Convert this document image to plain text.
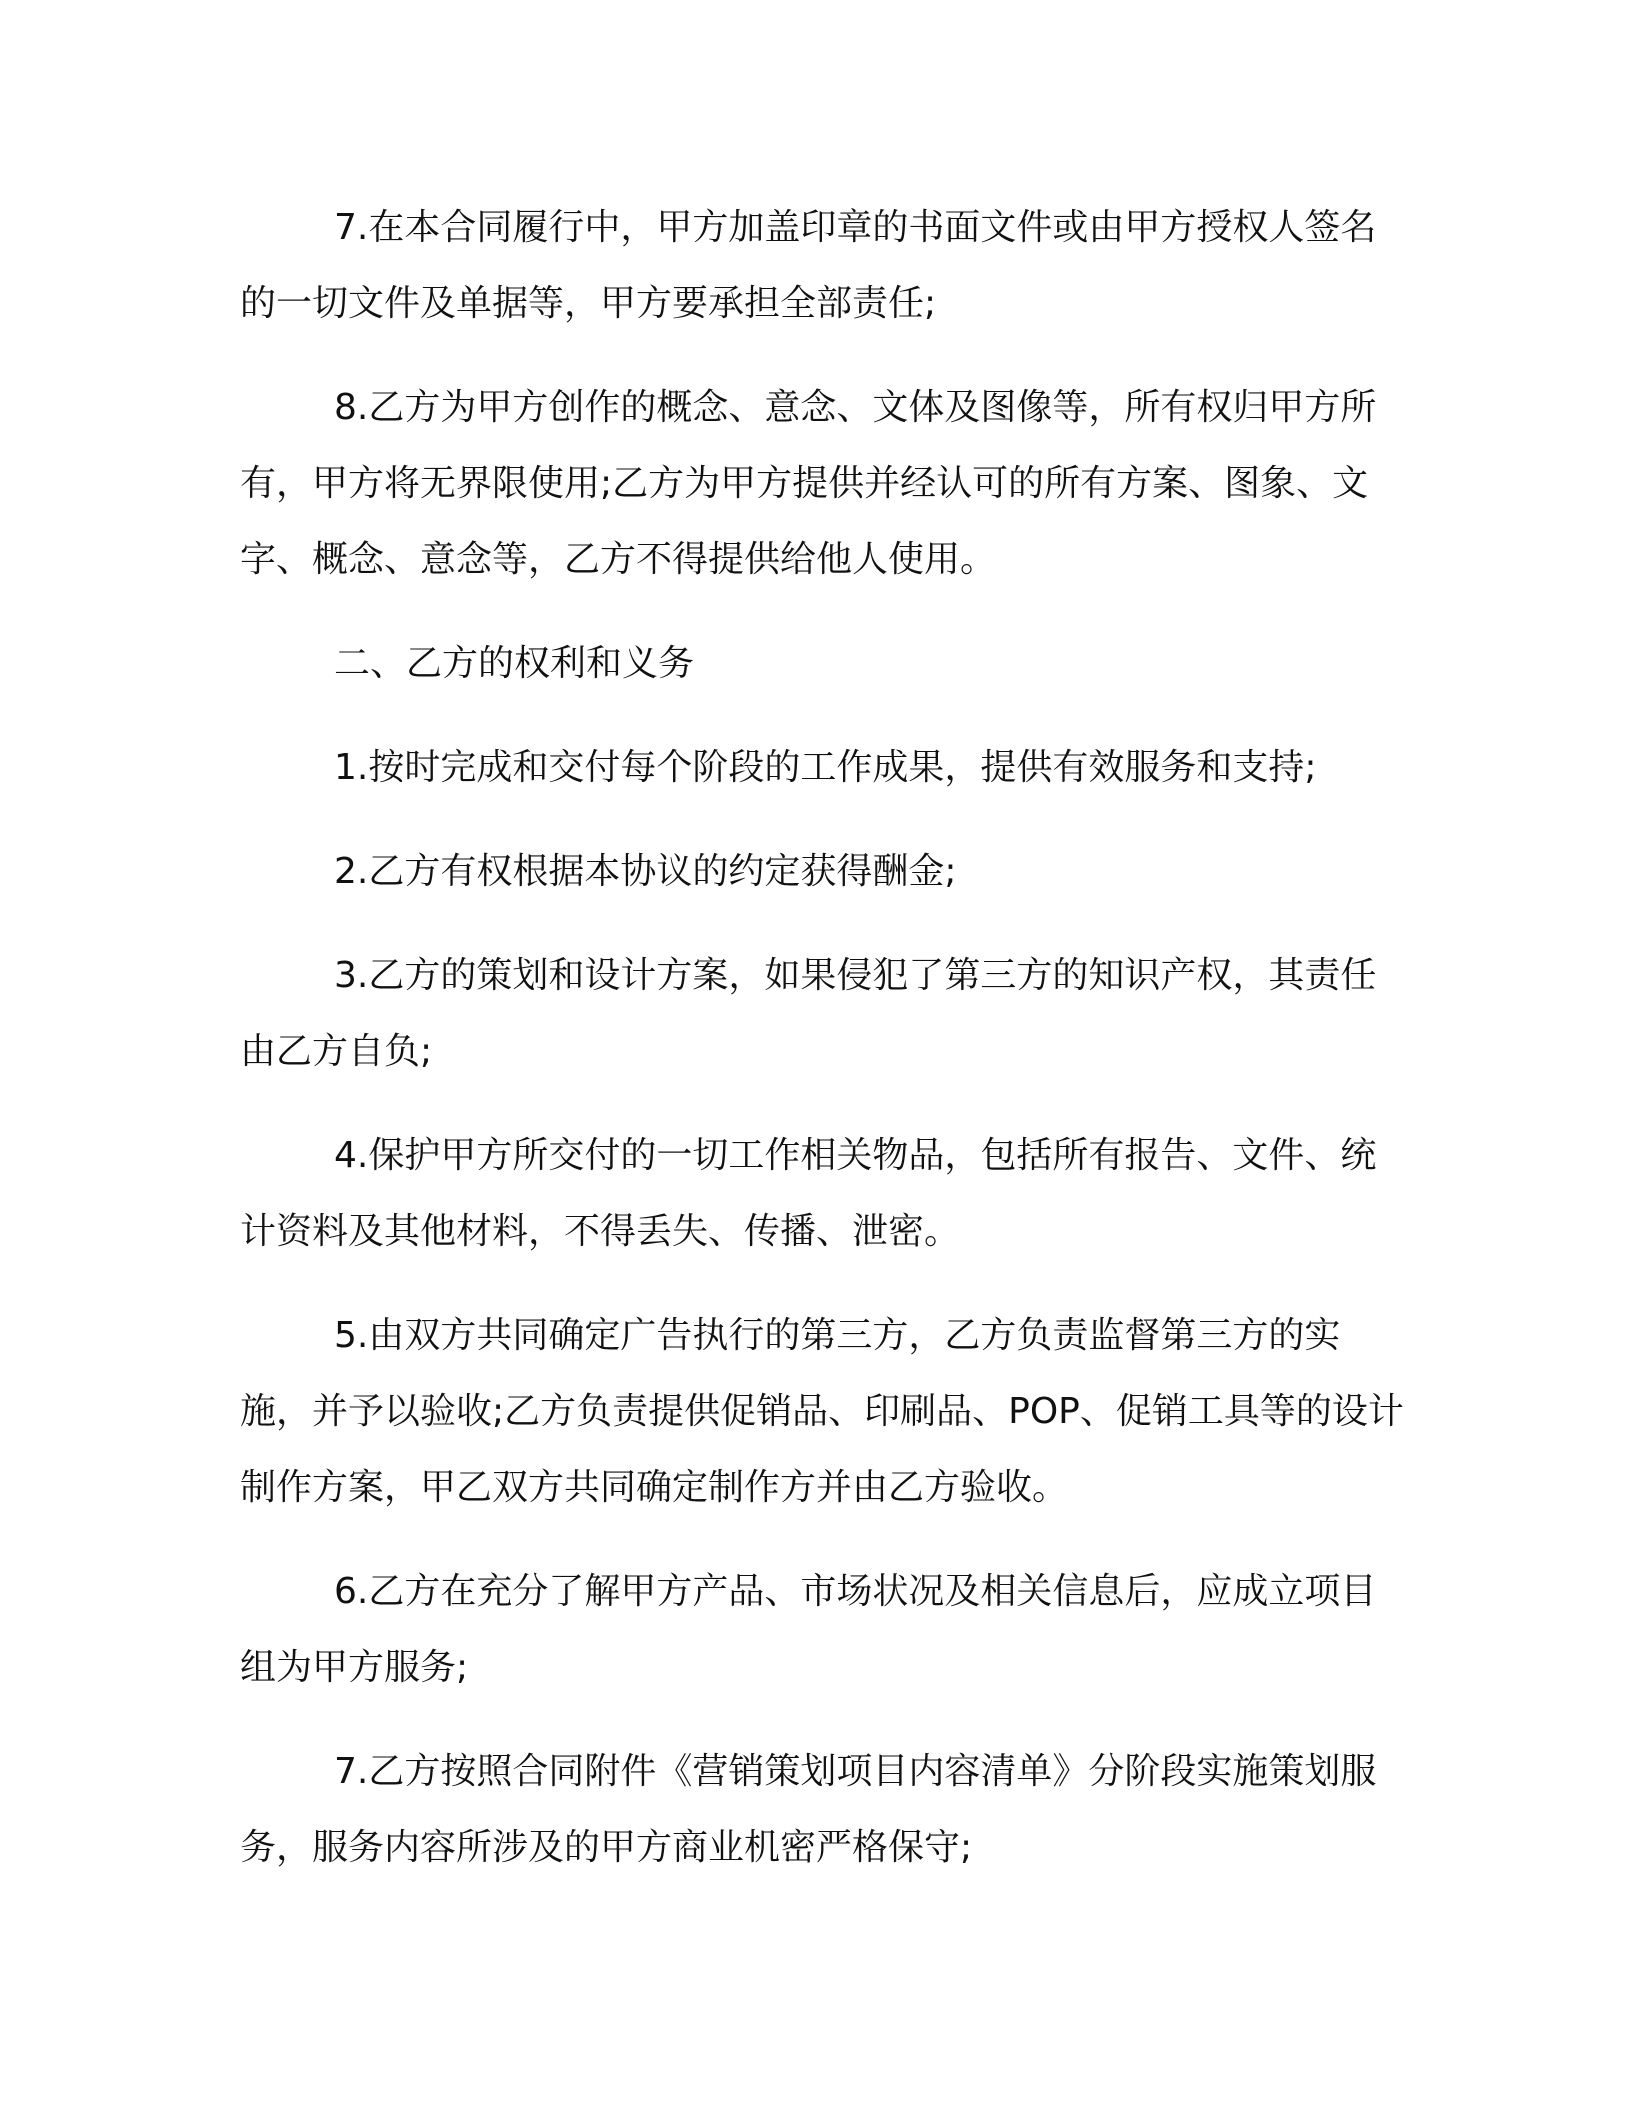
7.在本合同履行中，甲方加盖印章的书面文件或由甲方授权人签名的一切文件及单据等，甲方要承担全部责任;

8.乙方为甲方创作的概念、意念、文体及图像等，所有权归甲方所有，甲方将无界限使用;乙方为甲方提供并经认可的所有方案、图象、文字、概念、意念等，乙方不得提供给他人使用。

二、乙方的权利和义务

1.按时完成和交付每个阶段的工作成果，提供有效服务和支持;

2.乙方有权根据本协议的约定获得酬金;

3.乙方的策划和设计方案，如果侵犯了第三方的知识产权，其责任由乙方自负;

4.保护甲方所交付的一切工作相关物品，包括所有报告、文件、统计资料及其他材料，不得丢失、传播、泄密。

5.由双方共同确定广告执行的第三方，乙方负责监督第三方的实施，并予以验收;乙方负责提供促销品、印刷品、POP、促销工具等的设计制作方案，甲乙双方共同确定制作方并由乙方验收。

6.乙方在充分了解甲方产品、市场状况及相关信息后，应成立项目组为甲方服务;

7.乙方按照合同附件《营销策划项目内容清单》分阶段实施策划服务，服务内容所涉及的甲方商业机密严格保守;
